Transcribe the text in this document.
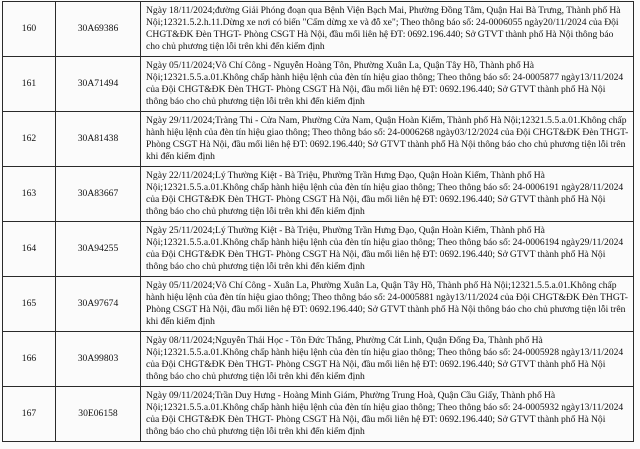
160	30A69386	Ngày 18/11/2024;đường Giải Phóng đoạn qua Bệnh Viện Bạch Mai, Phường Đồng Tâm, Quận Hai Bà Trưng, Thành phố Hà Nội;12321.5.2.h.11.Dừng xe nơi có biển "Cấm dừng xe và đỗ xe"; Theo thông báo số: 24-0006055 ngày20/11/2024 của Đội CHGT&ĐK Đèn THGT- Phòng CSGT Hà Nội, đầu mối liên hệ ĐT: 0692.196.440; Sở GTVT thành phố Hà Nội thông báo cho chủ phương tiện lỗi trên khi đến kiểm định
161	30A71494	Ngày 05/11/2024;Võ Chí Công - Nguyễn Hoàng Tôn, Phường Xuân La, Quận Tây Hồ, Thành phố Hà Nội;12321.5.5.a.01.Không chấp hành hiệu lệnh của đèn tín hiệu giao thông; Theo thông báo số: 24-0005877 ngày13/11/2024 của Đội CHGT&ĐK Đèn THGT- Phòng CSGT Hà Nội, đầu mối liên hệ ĐT: 0692.196.440; Sở GTVT thành phố Hà Nội thông báo cho chủ phương tiện lỗi trên khi đến kiểm định
162	30A81438	Ngày 29/11/2024;Tràng Thi - Cửa Nam, Phường Cửa Nam, Quận Hoàn Kiếm, Thành phố Hà Nội;12321.5.5.a.01.Không chấp hành hiệu lệnh của đèn tín hiệu giao thông; Theo thông báo số: 24-0006268 ngày03/12/2024 của Đội CHGT&ĐK Đèn THGT- Phòng CSGT Hà Nội, đầu mối liên hệ ĐT: 0692.196.440; Sở GTVT thành phố Hà Nội thông báo cho chủ phương tiện lỗi trên khi đến kiểm định
163	30A83667	Ngày 22/11/2024;Lý Thường Kiệt - Bà Triệu, Phường Trần Hưng Đạo, Quận Hoàn Kiếm, Thành phố Hà Nội;12321.5.5.a.01.Không chấp hành hiệu lệnh của đèn tín hiệu giao thông; Theo thông báo số: 24-0006191 ngày28/11/2024 của Đội CHGT&ĐK Đèn THGT- Phòng CSGT Hà Nội, đầu mối liên hệ ĐT: 0692.196.440; Sở GTVT thành phố Hà Nội thông báo cho chủ phương tiện lỗi trên khi đến kiểm định
164	30A94255	Ngày 25/11/2024;Lý Thường Kiệt - Bà Triệu, Phường Trần Hưng Đạo, Quận Hoàn Kiếm, Thành phố Hà Nội;12321.5.5.a.01.Không chấp hành hiệu lệnh của đèn tín hiệu giao thông; Theo thông báo số: 24-0006194 ngày29/11/2024 của Đội CHGT&ĐK Đèn THGT- Phòng CSGT Hà Nội, đầu mối liên hệ ĐT: 0692.196.440; Sở GTVT thành phố Hà Nội thông báo cho chủ phương tiện lỗi trên khi đến kiểm định
165	30A97674	Ngày 05/11/2024;Võ Chí Công - Xuân La, Phường Xuân La, Quận Tây Hồ, Thành phố Hà Nội;12321.5.5.a.01.Không chấp hành hiệu lệnh của đèn tín hiệu giao thông; Theo thông báo số: 24-0005881 ngày13/11/2024 của Đội CHGT&ĐK Đèn THGT- Phòng CSGT Hà Nội, đầu mối liên hệ ĐT: 0692.196.440; Sở GTVT thành phố Hà Nội thông báo cho chủ phương tiện lỗi trên khi đến kiểm định
166	30A99803	Ngày 08/11/2024;Nguyễn Thái Học - Tôn Đức Thắng, Phường Cát Linh, Quận Đống Đa, Thành phố Hà Nội;12321.5.5.a.01.Không chấp hành hiệu lệnh của đèn tín hiệu giao thông; Theo thông báo số: 24-0005928 ngày13/11/2024 của Đội CHGT&ĐK Đèn THGT- Phòng CSGT Hà Nội, đầu mối liên hệ ĐT: 0692.196.440; Sở GTVT thành phố Hà Nội thông báo cho chủ phương tiện lỗi trên khi đến kiểm định
167	30E06158	Ngày 09/11/2024;Trần Duy Hưng - Hoàng Minh Giám, Phường Trung Hoà, Quận Cầu Giấy, Thành phố Hà Nội;12321.5.5.a.01.Không chấp hành hiệu lệnh của đèn tín hiệu giao thông; Theo thông báo số: 24-0005932 ngày13/11/2024 của Đội CHGT&ĐK Đèn THGT- Phòng CSGT Hà Nội, đầu mối liên hệ ĐT: 0692.196.440; Sở GTVT thành phố Hà Nội thông báo cho chủ phương tiện lỗi trên khi đến kiểm định
